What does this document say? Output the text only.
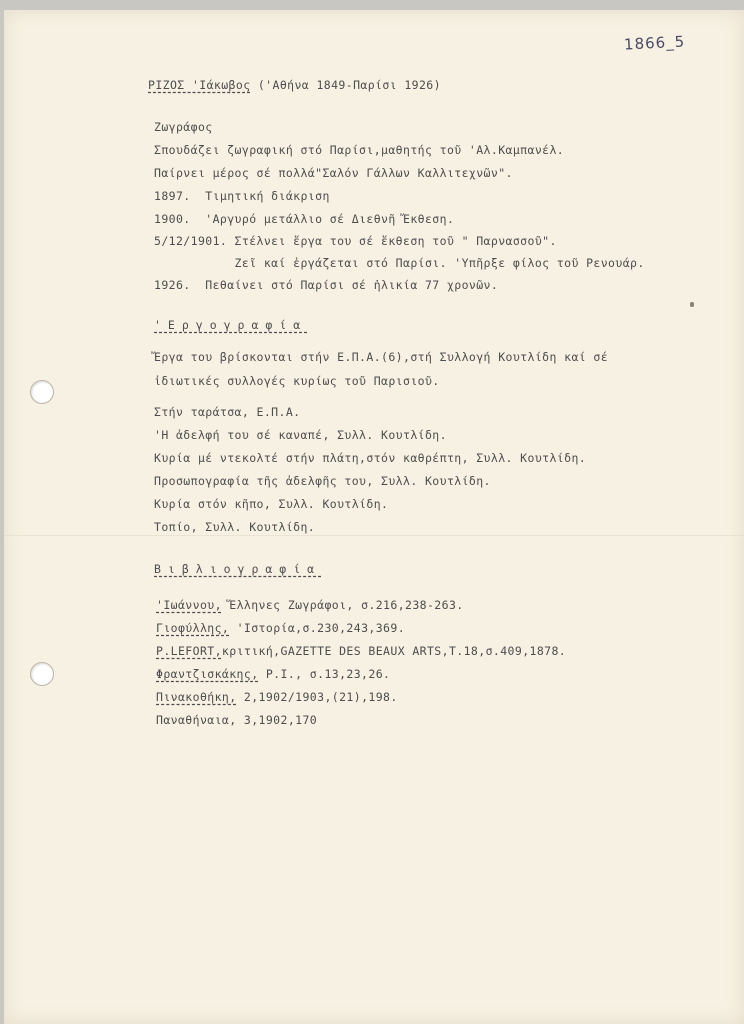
1866_5
ΡΙΖΟΣ 'Ιάκωβος ('Αθήνα 1849-Παρίσι 1926)
Ζωγράφος
Σπουδάζει ζωγραφική στό Παρίσι,μαθητής τοῦ 'Αλ.Καμπανέλ.
Παίρνει μέρος σέ πολλά"Σαλόν Γάλλων Καλλιτεχνῶν".
1897.  Τιμητική διάκριση
1900.  'Αργυρό μετάλλιο σέ Διεθνῆ Ἔκθεση.
5/12/1901. Στέλνει ἔργα του σέ ἔκθεση τοῦ " Παρνασσοῦ".
Ζεῖ καί ἐργάζεται στό Παρίσι. 'Υπῆρξε φίλος τοῦ Ρενουάρ.
1926.  Πεθαίνει στό Παρίσι σέ ἡλικία 77 χρονῶν.
'Εργογραφία
Ἔργα του βρίσκονται στήν Ε.Π.Α.(6),στή Συλλογή Κουτλίδη καί σέ
ἰδιωτικές συλλογές κυρίως τοῦ Παρισιοῦ.
Στήν ταράτσα, Ε.Π.Α.
'Η ἀδελφή του σέ καναπέ, Συλλ. Κουτλίδη.
Κυρία μέ ντεκολτέ στήν πλάτη,στόν καθρέπτη, Συλλ. Κουτλίδη.
Προσωπογραφία τῆς ἀδελφῆς του, Συλλ. Κουτλίδη.
Κυρία στόν κῆπο, Συλλ. Κουτλίδη.
Τοπίο, Συλλ. Κουτλίδη.
Βιβλιογραφία
'Ιωάννου, Ἕλληνες Ζωγράφοι, σ.216,238-263.
Γιοφύλλης, 'Ιστορία,σ.230,243,369.
P.LEFORT,κριτική,GAZETTE DES BEAUX ARTS,T.18,σ.409,1878.
Φραντζισκάκης, P.I., σ.13,23,26.
Πινακοθήκη, 2,1902/1903,(21),198.
Παναθήναια, 3,1902,170
